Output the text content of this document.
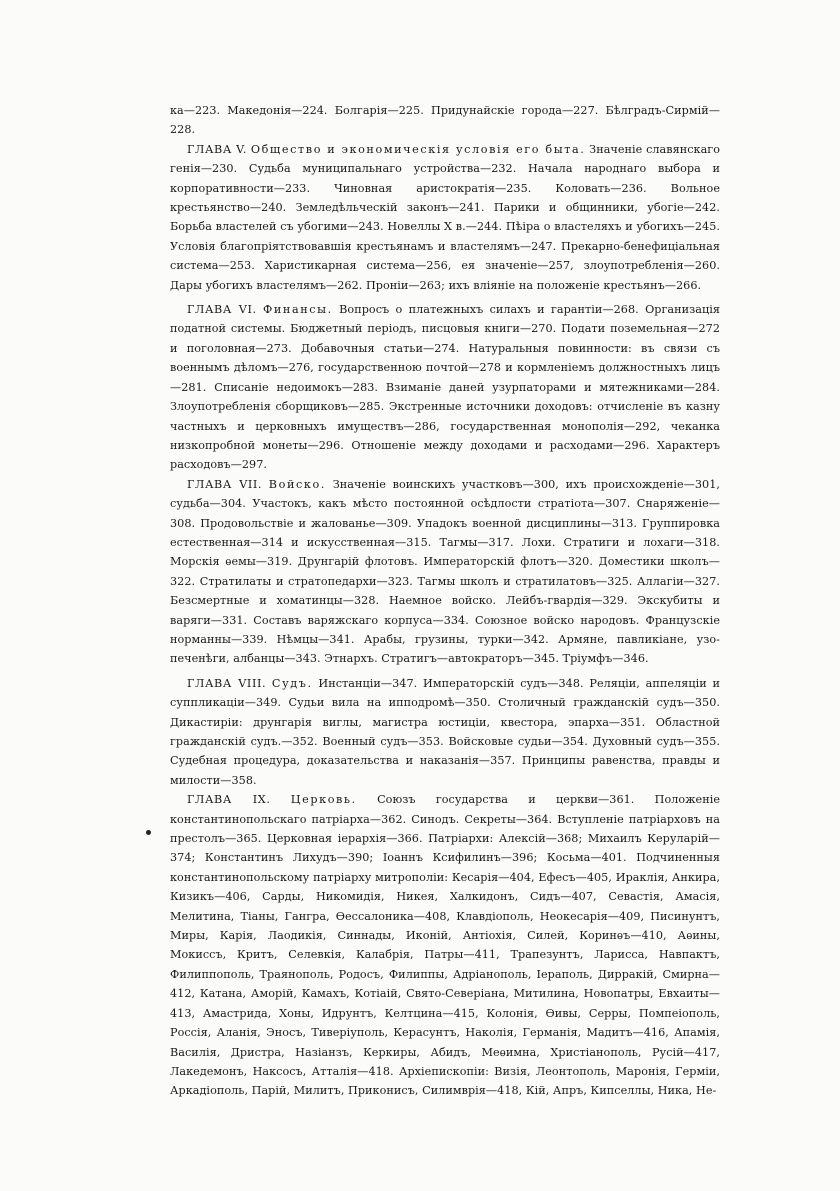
ка—223. Македонія—224. Болгарія—225. Придунайскіе города—227. Бѣлградъ-Сирмій—228.

ГЛАВА V. Общество и экономическія условія его быта. Значеніе славянскаго генія—230. Судьба муниципальнаго устройства—232. Начала народнаго выбора и корпоративности—233. Чиновная аристократія—235. Коловать—236. Вольное крестьянство—240. Земледѣльческій законъ—241. Парики и общинники, убогіе—242. Борьба властелей съ убогими—243. Новеллы X в.—244. Пѣіра о властеляхъ и убогихъ—245. Условія благопріятствовавшія крестьянамъ и властелямъ—247. Прекарно-бенефиціальная система—253. Харистикарная система—256, ея значеніе—257, злоупотребленія—260. Дары убогихъ властелямъ—262. Проніи—263; ихъ вліяніе на положеніе крестьянъ—266.

ГЛАВА VI. Финансы. Вопросъ о платежныхъ силахъ и гарантіи—268. Организація податной системы. Бюджетный періодъ, писцовыя книги—270. Подати поземельная—272 и поголовная—273. Добавочныя статьи—274. Натуральныя повинности: въ связи съ военнымъ дѣломъ—276, государственною почтой—278 и кормленіемъ должностныхъ лицъ—281. Списаніе недоимокъ—283. Взиманіе даней узурпаторами и мятежниками—284. Злоупотребленія сборщиковъ—285. Экстренные источники доходовъ: отчисленіе въ казну частныхъ и церковныхъ имуществъ—286, государственная монополія—292, чеканка низкопробной монеты—296. Отношеніе между доходами и расходами—296. Характеръ расходовъ—297.

ГЛАВА VII. Войско. Значеніе воинскихъ участковъ—300, ихъ происхожденіе—301, судьба—304. Участокъ, какъ мѣсто постоянной осѣдлости стратіота—307. Снаряженіе—308. Продовольствіе и жалованье—309. Упадокъ военной дисциплины—313. Группировка естественная—314 и искусственная—315. Тагмы—317. Лохи. Стратиги и лохаги—318. Морскія ѳемы—319. Друнгарій флотовъ. Императорскій флотъ—320. Доместики школъ—322. Стратилаты и стратопедархи—323. Тагмы школъ и стратилатовъ—325. Аллагіи—327. Безсмертные и хоматинцы—328. Наемное войско. Лейбъ-гвардія—329. Экскубиты и варяги—331. Составъ варяжскаго корпуса—334. Союзное войско народовъ. Французскіе норманны—339. Нѣмцы—341. Арабы, грузины, турки—342. Армяне, павликіане, узо-печенѣги, албанцы—343. Этнархъ. Стратигъ—автократоръ—345. Тріумфъ—346.

ГЛАВА VIII. Судъ. Инстанціи—347. Императорскій судъ—348. Реляціи, аппеляціи и суппликаціи—349. Судьи вила на ипподромѣ—350. Столичный гражданскій судъ—350. Дикастиріи: друнгарія виглы, магистра юстиціи, квестора, эпарха—351. Областной гражданскій судъ.—352. Военный судъ—353. Войсковые судьи—354. Духовный судъ—355. Судебная процедура, доказательства и наказанія—357. Принципы равенства, правды и милости—358.

ГЛАВА IX. Церковь. Союзъ государства и церкви—361. Положеніе константинопольскаго патріарха—362. Синодъ. Секреты—364. Вступленіе патріарховъ на престолъ—365. Церковная іерархія—366. Патріархи: Алексій—368; Михаилъ Керуларій—374; Константинъ Лихудъ—390; Іоаннъ Ксифилинъ—396; Косьма—401. Подчиненныя константинопольскому патріарху митрополіи: Кесарія—404, Ефесъ—405, Ираклія, Анкира, Кизикъ—406, Сарды, Никомидія, Никея, Халкидонъ, Сидъ—407, Севастія, Амасія, Мелитина, Тіаны, Гангра, Ѳессалоника—408, Клавдіополь, Неокесарія—409, Писинунтъ, Миры, Карія, Лаодикія, Синнады, Иконій, Антіохія, Силей, Коринѳъ—410, Аѳины, Мокиссъ, Критъ, Селевкія, Калабрія, Патры—411, Трапезунтъ, Ларисса, Навпактъ, Филиппополь, Траянополь, Родосъ, Филиппы, Адріанополь, Іераполь, Дирракій, Смирна—412, Катана, Аморій, Камахъ, Котіаій, Свято-Северіана, Митилина, Новопатры, Евхаиты—413, Амастрида, Хоны, Идрунтъ, Келтцина—415, Колонія, Ѳивы, Серры, Помпеіополь, Россія, Аланія, Эносъ, Тиверіуполь, Керасунтъ, Наколія, Германія, Мадитъ—416, Апамія, Василія, Дристра, Назіанзъ, Керкиры, Абидъ, Меѳимна, Христіанополь, Русій—417, Лакедемонъ, Наксосъ, Атталія—418. Архіепископіи: Визія, Леонтополь, Маронія, Герміи, Аркадіополь, Парій, Милитъ, Приконисъ, Силимврія—418, Кій, Апръ, Кипселлы, Ника, Не-
